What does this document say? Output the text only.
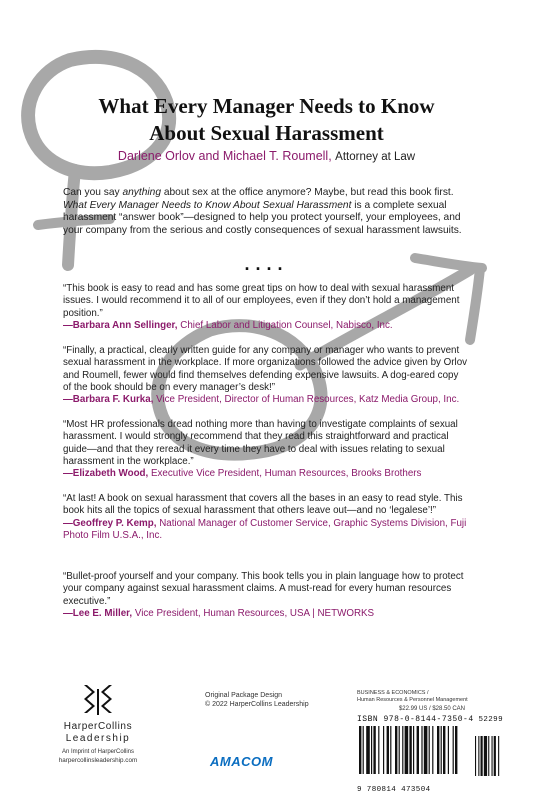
What Every Manager Needs to Know
About Sexual Harassment
Darlene Orlov and Michael T. Roumell, Attorney at Law
Can you say anything about sex at the office anymore? Maybe, but read this book first. What Every Manager Needs to Know About Sexual Harassment is a complete sexual harassment “answer book”—designed to help you protect yourself, your employees, and your company from the serious and costly consequences of sexual harassment lawsuits.
....
“This book is easy to read and has some great tips on how to deal with sexual harassment issues. I would recommend it to all of our employees, even if they don’t hold a management position.”
—Barbara Ann Sellinger, Chief Labor and Litigation Counsel, Nabisco, Inc.
“Finally, a practical, clearly written guide for any company or manager who wants to prevent sexual harassment in the workplace. If more organizations followed the advice given by Orlov and Roumell, fewer would find themselves defending expensive lawsuits. A dog-eared copy of the book should be on every manager’s desk!”
—Barbara F. Kurka, Vice President, Director of Human Resources, Katz Media Group, Inc.
“Most HR professionals dread nothing more than having to investigate complaints of sexual harassment. I would strongly recommend that they read this straightforward and practical guide—and that they reread it every time they have to deal with issues relating to sexual harassment in the workplace.”
—Elizabeth Wood, Executive Vice President, Human Resources, Brooks Brothers
“At last! A book on sexual harassment that covers all the bases in an easy to read style. This book hits all the topics of sexual harassment that others leave out—and no ‘legalese’!”
—Geoffrey P. Kemp, National Manager of Customer Service, Graphic Systems Division, Fuji Photo Film U.S.A., Inc.
“Bullet-proof yourself and your company. This book tells you in plain language how to protect your company against sexual harassment claims. A must-read for every human resources executive.”
—Lee E. Miller, Vice President, Human Resources, USA | NETWORKS
HarperCollins
Leadership
An Imprint of HarperCollins
harpercollinsleadership.com
Original Package Design
© 2022 HarperCollins Leadership
AMACOM
BUSINESS & ECONOMICS /
Human Resources & Personnel Management
$22.99 US / $28.50 CAN
ISBN 978-0-8144-7350-4
9 780814 473504
52299
